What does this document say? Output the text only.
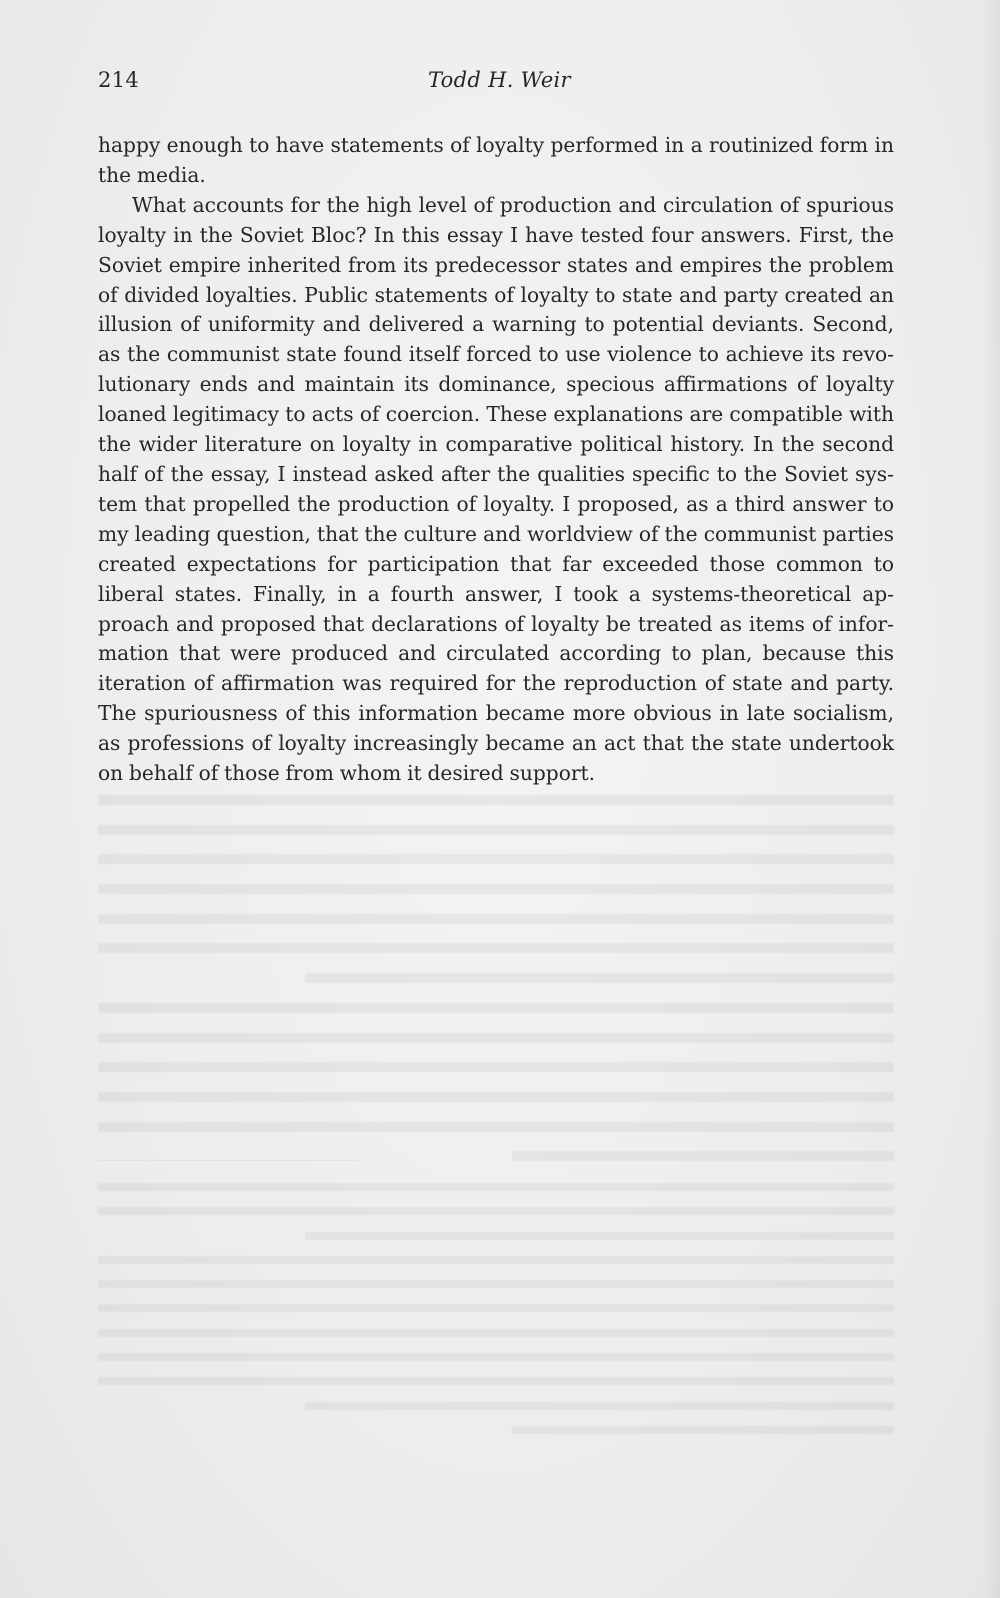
214	Todd H. Weir

happy enough to have statements of loyalty performed in a routinized form in the media.

What accounts for the high level of production and circulation of spurious loyalty in the Soviet Bloc? In this essay I have tested four answers. First, the Soviet empire inherited from its predecessor states and empires the problem of divided loyalties. Public statements of loyalty to state and party created an illusion of uniformity and delivered a warning to potential deviants. Second, as the communist state found itself forced to use violence to achieve its revolutionary ends and maintain its dominance, specious affirmations of loyalty loaned legitimacy to acts of coercion. These explanations are compatible with the wider literature on loyalty in comparative political history. In the second half of the essay, I instead asked after the qualities specific to the Soviet system that propelled the production of loyalty. I proposed, as a third answer to my leading question, that the culture and worldview of the communist parties created expectations for participation that far exceeded those common to liberal states. Finally, in a fourth answer, I took a systems-theoretical approach and proposed that declarations of loyalty be treated as items of information that were produced and circulated according to plan, because this iteration of affirmation was required for the reproduction of state and party. The spuriousness of this information became more obvious in late socialism, as professions of loyalty increasingly became an act that the state undertook on behalf of those from whom it desired support.
